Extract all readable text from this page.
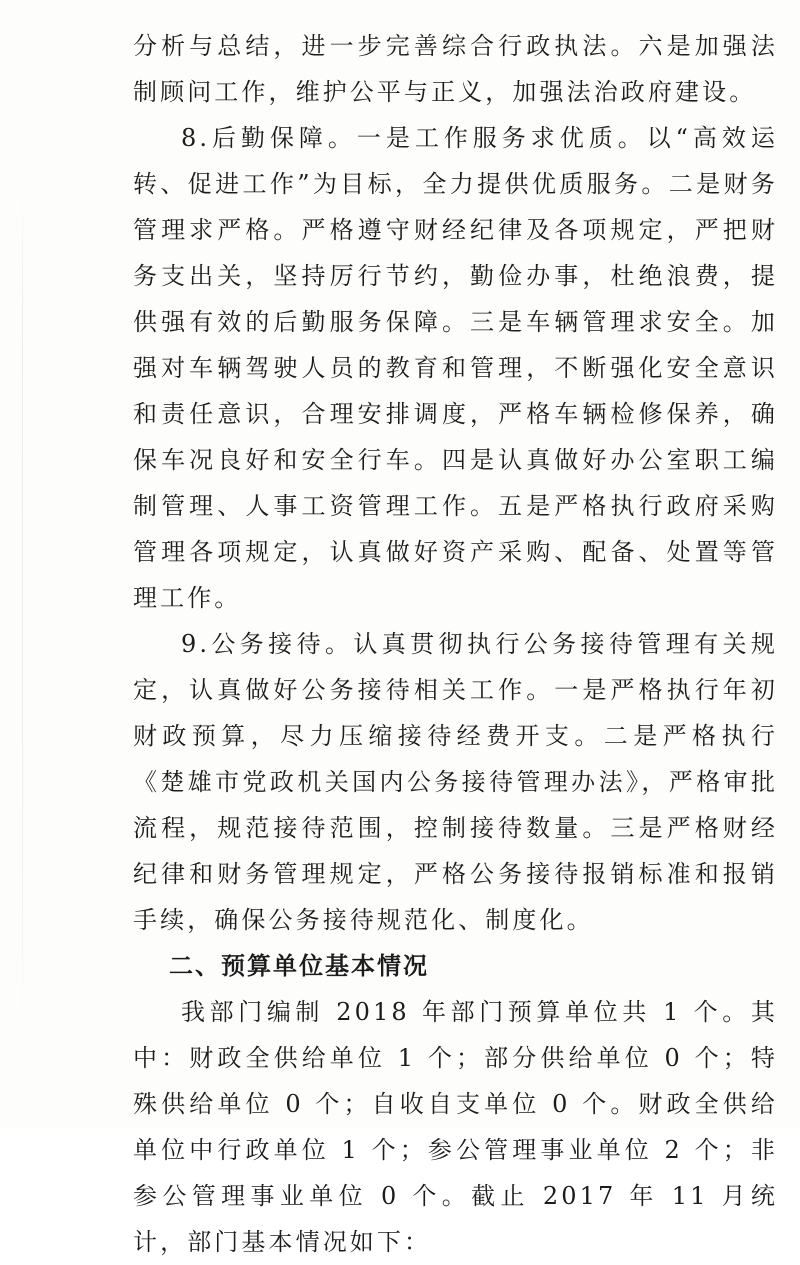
分析与总结，进一步完善综合行政执法。六是加强法制顾问工作，维护公平与正义，加强法治政府建设。

8.后勤保障。一是工作服务求优质。以“高效运转、促进工作”为目标，全力提供优质服务。二是财务管理求严格。严格遵守财经纪律及各项规定，严把财务支出关，坚持厉行节约，勤俭办事，杜绝浪费，提供强有效的后勤服务保障。三是车辆管理求安全。加强对车辆驾驶人员的教育和管理，不断强化安全意识和责任意识，合理安排调度，严格车辆检修保养，确保车况良好和安全行车。四是认真做好办公室职工编制管理、人事工资管理工作。五是严格执行政府采购管理各项规定，认真做好资产采购、配备、处置等管理工作。

9.公务接待。认真贯彻执行公务接待管理有关规定，认真做好公务接待相关工作。一是严格执行年初财政预算，尽力压缩接待经费开支。二是严格执行《楚雄市党政机关国内公务接待管理办法》，严格审批流程，规范接待范围，控制接待数量。三是严格财经纪律和财务管理规定，严格公务接待报销标准和报销手续，确保公务接待规范化、制度化。

二、预算单位基本情况

我部门编制 2018 年部门预算单位共 1 个。其中：财政全供给单位 1 个；部分供给单位 0 个；特殊供给单位 0 个；自收自支单位 0 个。财政全供给单位中行政单位 1 个；参公管理事业单位 2 个；非参公管理事业单位 0 个。截止 2017 年 11 月统计，部门基本情况如下：
